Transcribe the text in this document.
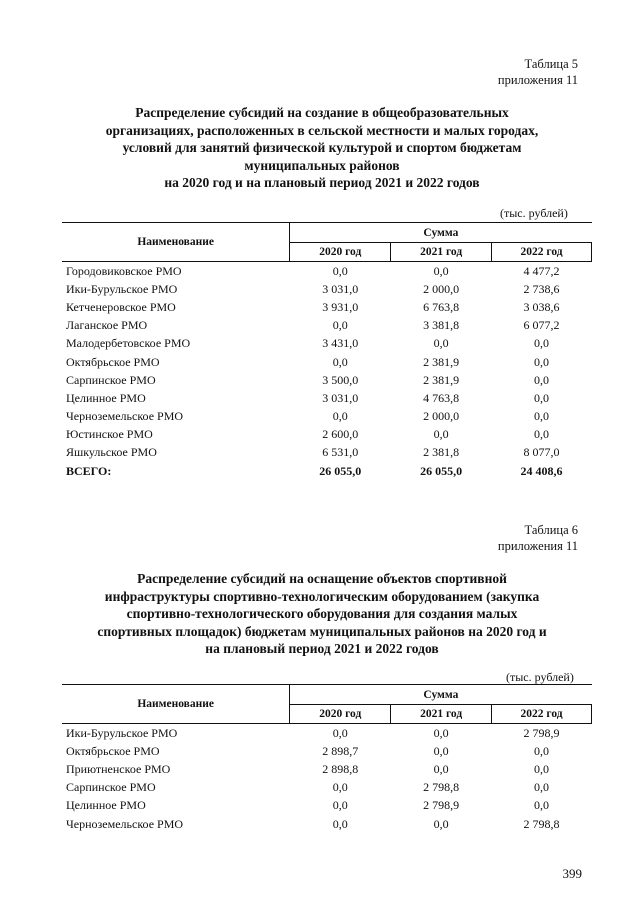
Таблица 5
приложения 11
Распределение субсидий на создание в общеобразовательных
организациях, расположенных в сельской местности и малых городах,
условий для занятий физической культурой и спортом бюджетам
муниципальных районов
на 2020 год и на плановый период 2021 и 2022 годов
(тыс. рублей)
Наименование	Сумма		
	2020 год	2021 год	2022 год
Городовиковское РМО	0,0	0,0	4 477,2
Ики-Бурульское РМО	3 031,0	2 000,0	2 738,6
Кетченеровское РМО	3 931,0	6 763,8	3 038,6
Лаганское РМО	0,0	3 381,8	6 077,2
Малодербетовское РМО	3 431,0	0,0	0,0
Октябрьское РМО	0,0	2 381,9	0,0
Сарпинское РМО	3 500,0	2 381,9	0,0
Целинное РМО	3 031,0	4 763,8	0,0
Черноземельское РМО	0,0	2 000,0	0,0
Юстинское РМО	2 600,0	0,0	0,0
Яшкульское РМО	6 531,0	2 381,8	8 077,0
ВСЕГО:	26 055,0	26 055,0	24 408,6
Таблица 6
приложения 11
Распределение субсидий на оснащение объектов спортивной
инфраструктуры спортивно-технологическим оборудованием (закупка
спортивно-технологического оборудования для создания малых
спортивных площадок) бюджетам муниципальных районов на 2020 год и
на плановый период 2021 и 2022 годов
(тыс. рублей)
Наименование	Сумма		
	2020 год	2021 год	2022 год
Ики-Бурульское РМО	0,0	0,0	2 798,9
Октябрьское РМО	2 898,7	0,0	0,0
Приютненское РМО	2 898,8	0,0	0,0
Сарпинское РМО	0,0	2 798,8	0,0
Целинное РМО	0,0	2 798,9	0,0
Черноземельское РМО	0,0	0,0	2 798,8
399
